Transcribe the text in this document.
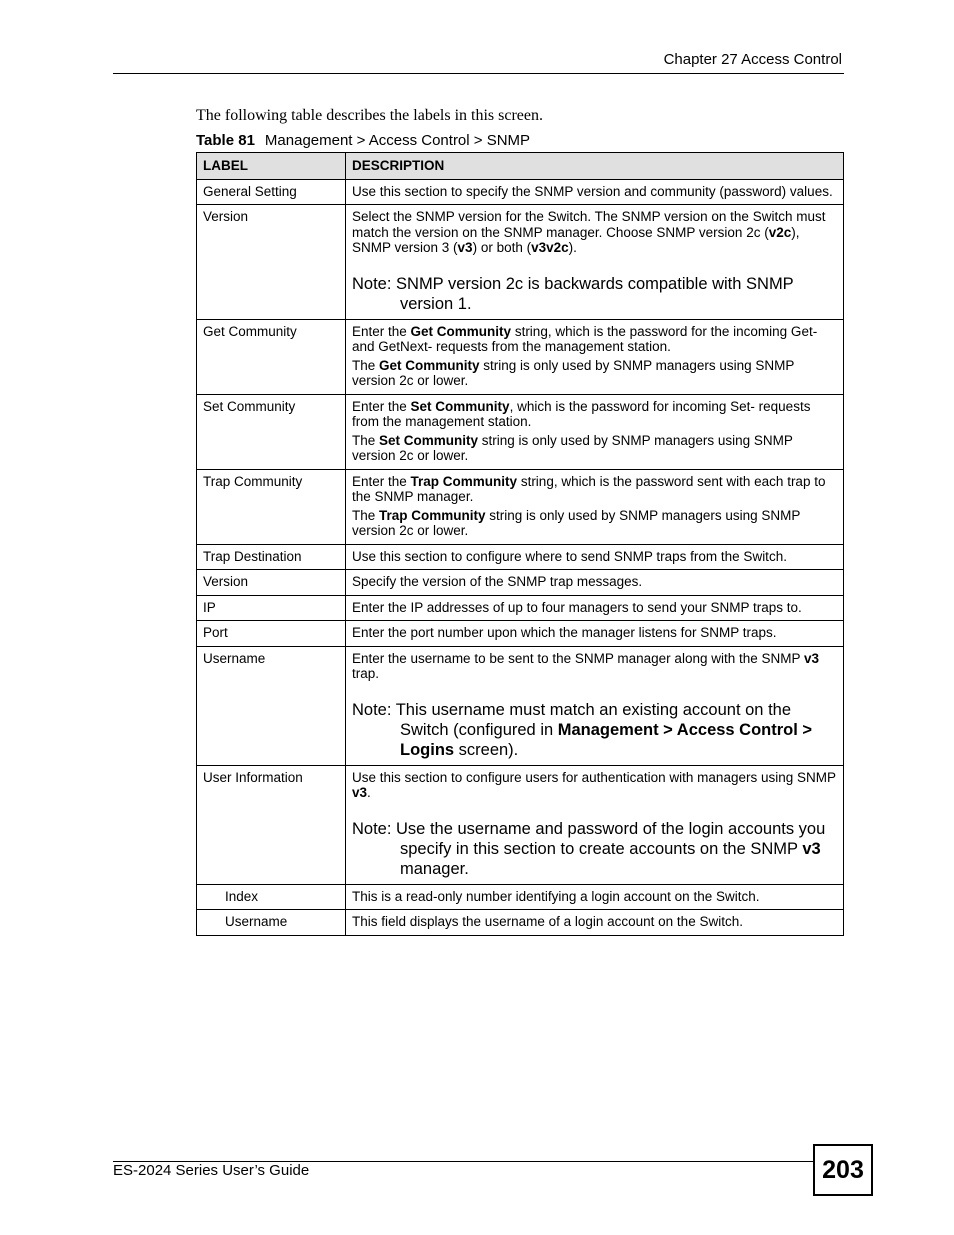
Chapter 27 Access Control
The following table describes the labels in this screen.
Table 81 Management > Access Control > SNMP
LABEL	DESCRIPTION
General Setting	Use this section to specify the SNMP version and community (password) values.

Version	Select the SNMP version for the Switch. The SNMP version on the Switch must match the version on the SNMP manager. Choose SNMP version 2c (v2c), SNMP version 3 (v3) or both (v3v2c).

Note: SNMP version 2c is backwards compatible with SNMP version 1.

Get Community	Enter the Get Community string, which is the password for the incoming Get- and GetNext- requests from the management station.

The Get Community string is only used by SNMP managers using SNMP version 2c or lower.

Set Community	Enter the Set Community, which is the password for incoming Set- requests from the management station.

The Set Community string is only used by SNMP managers using SNMP version 2c or lower.

Trap Community	Enter the Trap Community string, which is the password sent with each trap to the SNMP manager.

The Trap Community string is only used by SNMP managers using SNMP version 2c or lower.

Trap Destination	Use this section to configure where to send SNMP traps from the Switch.

Version	Specify the version of the SNMP trap messages.

IP	Enter the IP addresses of up to four managers to send your SNMP traps to.

Port	Enter the port number upon which the manager listens for SNMP traps.

Username	Enter the username to be sent to the SNMP manager along with the SNMP v3 trap.

Note: This username must match an existing account on the Switch (configured in Management > Access Control > Logins screen).

User Information	Use this section to configure users for authentication with managers using SNMP v3.

Note: Use the username and password of the login accounts you specify in this section to create accounts on the SNMP v3 manager.

Index	This is a read-only number identifying a login account on the Switch.

Username	This field displays the username of a login account on the Switch.

ES-2024 Series User’s Guide	203
